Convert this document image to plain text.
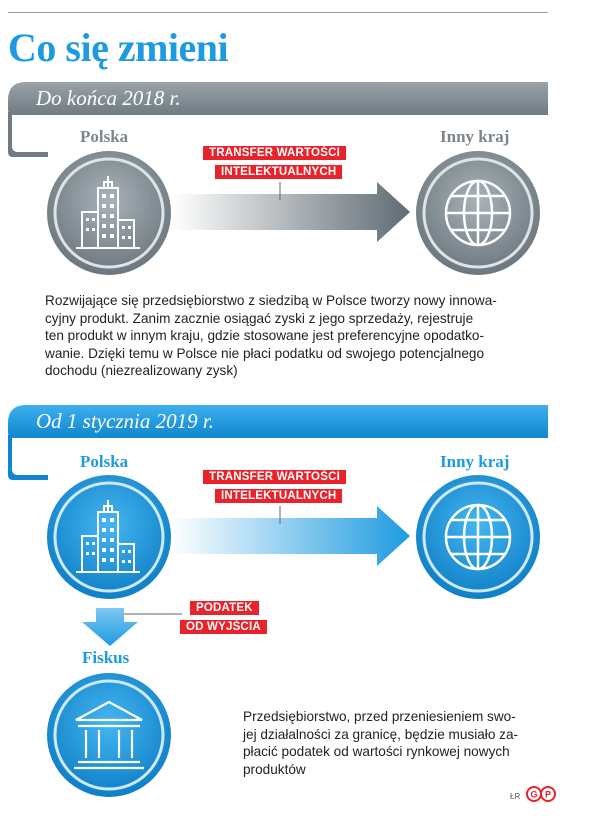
Co się zmieni
Do końca 2018 r.
Polska	Inny kraj
TRANSFER WARTOŚCI
INTELEKTUALNYCH
Rozwijające się przedsiębiorstwo z siedzibą w Polsce tworzy nowy innowa-
cyjny produkt. Zanim zacznie osiągać zyski z jego sprzedaży, rejestruje
ten produkt w innym kraju, gdzie stosowane jest preferencyjne opodatko-
wanie. Dzięki temu w Polsce nie płaci podatku od swojego potencjalnego
dochodu (niezrealizowany zysk)
Od 1 stycznia 2019 r.
Polska	Inny kraj
TRANSFER WARTOŚCI
INTELEKTUALNYCH
PODATEK
OD WYJŚCIA
Fiskus
Przedsiębiorstwo, przed przeniesieniem swo-
jej działalności za granicę, będzie musiało za-
płacić podatek od wartości rynkowej nowych
produktów
ŁR G P
